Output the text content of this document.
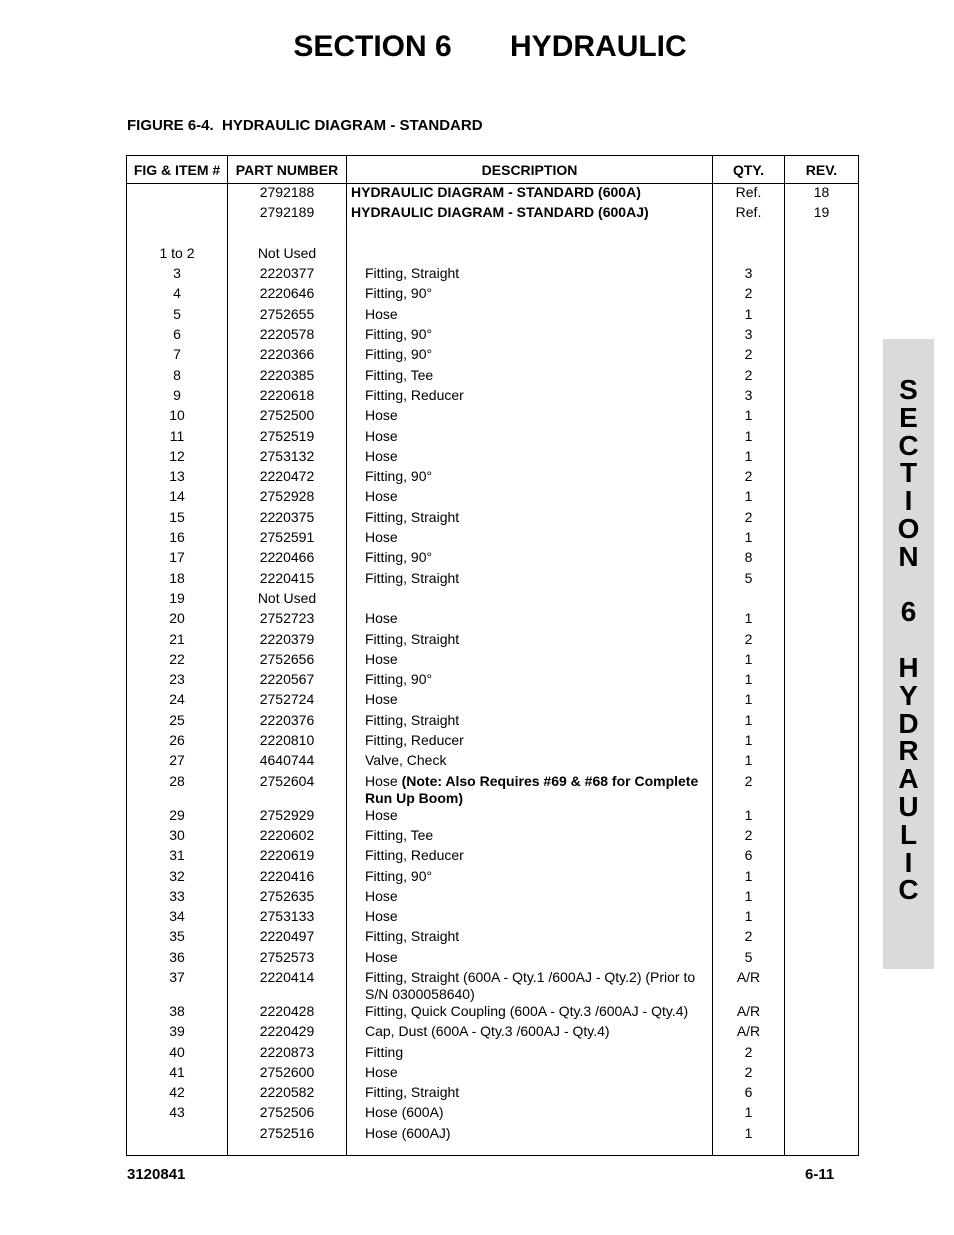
SECTION 6       HYDRAULIC
FIGURE 6-4.  HYDRAULIC DIAGRAM - STANDARD
FIG & ITEM #	PART NUMBER	DESCRIPTION	QTY.	REV.
	2792188	HYDRAULIC DIAGRAM - STANDARD (600A)	Ref.	18
	2792189	HYDRAULIC DIAGRAM - STANDARD (600AJ)	Ref.	19

1 to 2	Not Used			
3	2220377	Fitting, Straight	3	
4	2220646	Fitting, 90°	2	
5	2752655	Hose	1	
6	2220578	Fitting, 90°	3	
7	2220366	Fitting, 90°	2	
8	2220385	Fitting, Tee	2	
9	2220618	Fitting, Reducer	3	
10	2752500	Hose	1	
11	2752519	Hose	1	
12	2753132	Hose	1	
13	2220472	Fitting, 90°	2	
14	2752928	Hose	1	
15	2220375	Fitting, Straight	2	
16	2752591	Hose	1	
17	2220466	Fitting, 90°	8	
18	2220415	Fitting, Straight	5	
19	Not Used			
20	2752723	Hose	1	
21	2220379	Fitting, Straight	2	
22	2752656	Hose	1	
23	2220567	Fitting, 90°	1	
24	2752724	Hose	1	
25	2220376	Fitting, Straight	1	
26	2220810	Fitting, Reducer	1	
27	4640744	Valve, Check	1	
28	2752604	Hose (Note: Also Requires #69 & #68 for Complete Run Up Boom)	2	
29	2752929	Hose	1	
30	2220602	Fitting, Tee	2	
31	2220619	Fitting, Reducer	6	
32	2220416	Fitting, 90°	1	
33	2752635	Hose	1	
34	2753133	Hose	1	
35	2220497	Fitting, Straight	2	
36	2752573	Hose	5	
37	2220414	Fitting, Straight (600A - Qty.1 /600AJ - Qty.2) (Prior to S/N 0300058640)	A/R	
38	2220428	Fitting, Quick Coupling (600A - Qty.3 /600AJ - Qty.4)	A/R	
39	2220429	Cap, Dust (600A - Qty.3 /600AJ - Qty.4)	A/R	
40	2220873	Fitting	2	
41	2752600	Hose	2	
42	2220582	Fitting, Straight	6	
43	2752506	Hose (600A)	1	
	2752516	Hose (600AJ)	1	
S
E
C
T
I
O
N

6

H
Y
D
R
A
U
L
I
C
3120841	6-11
